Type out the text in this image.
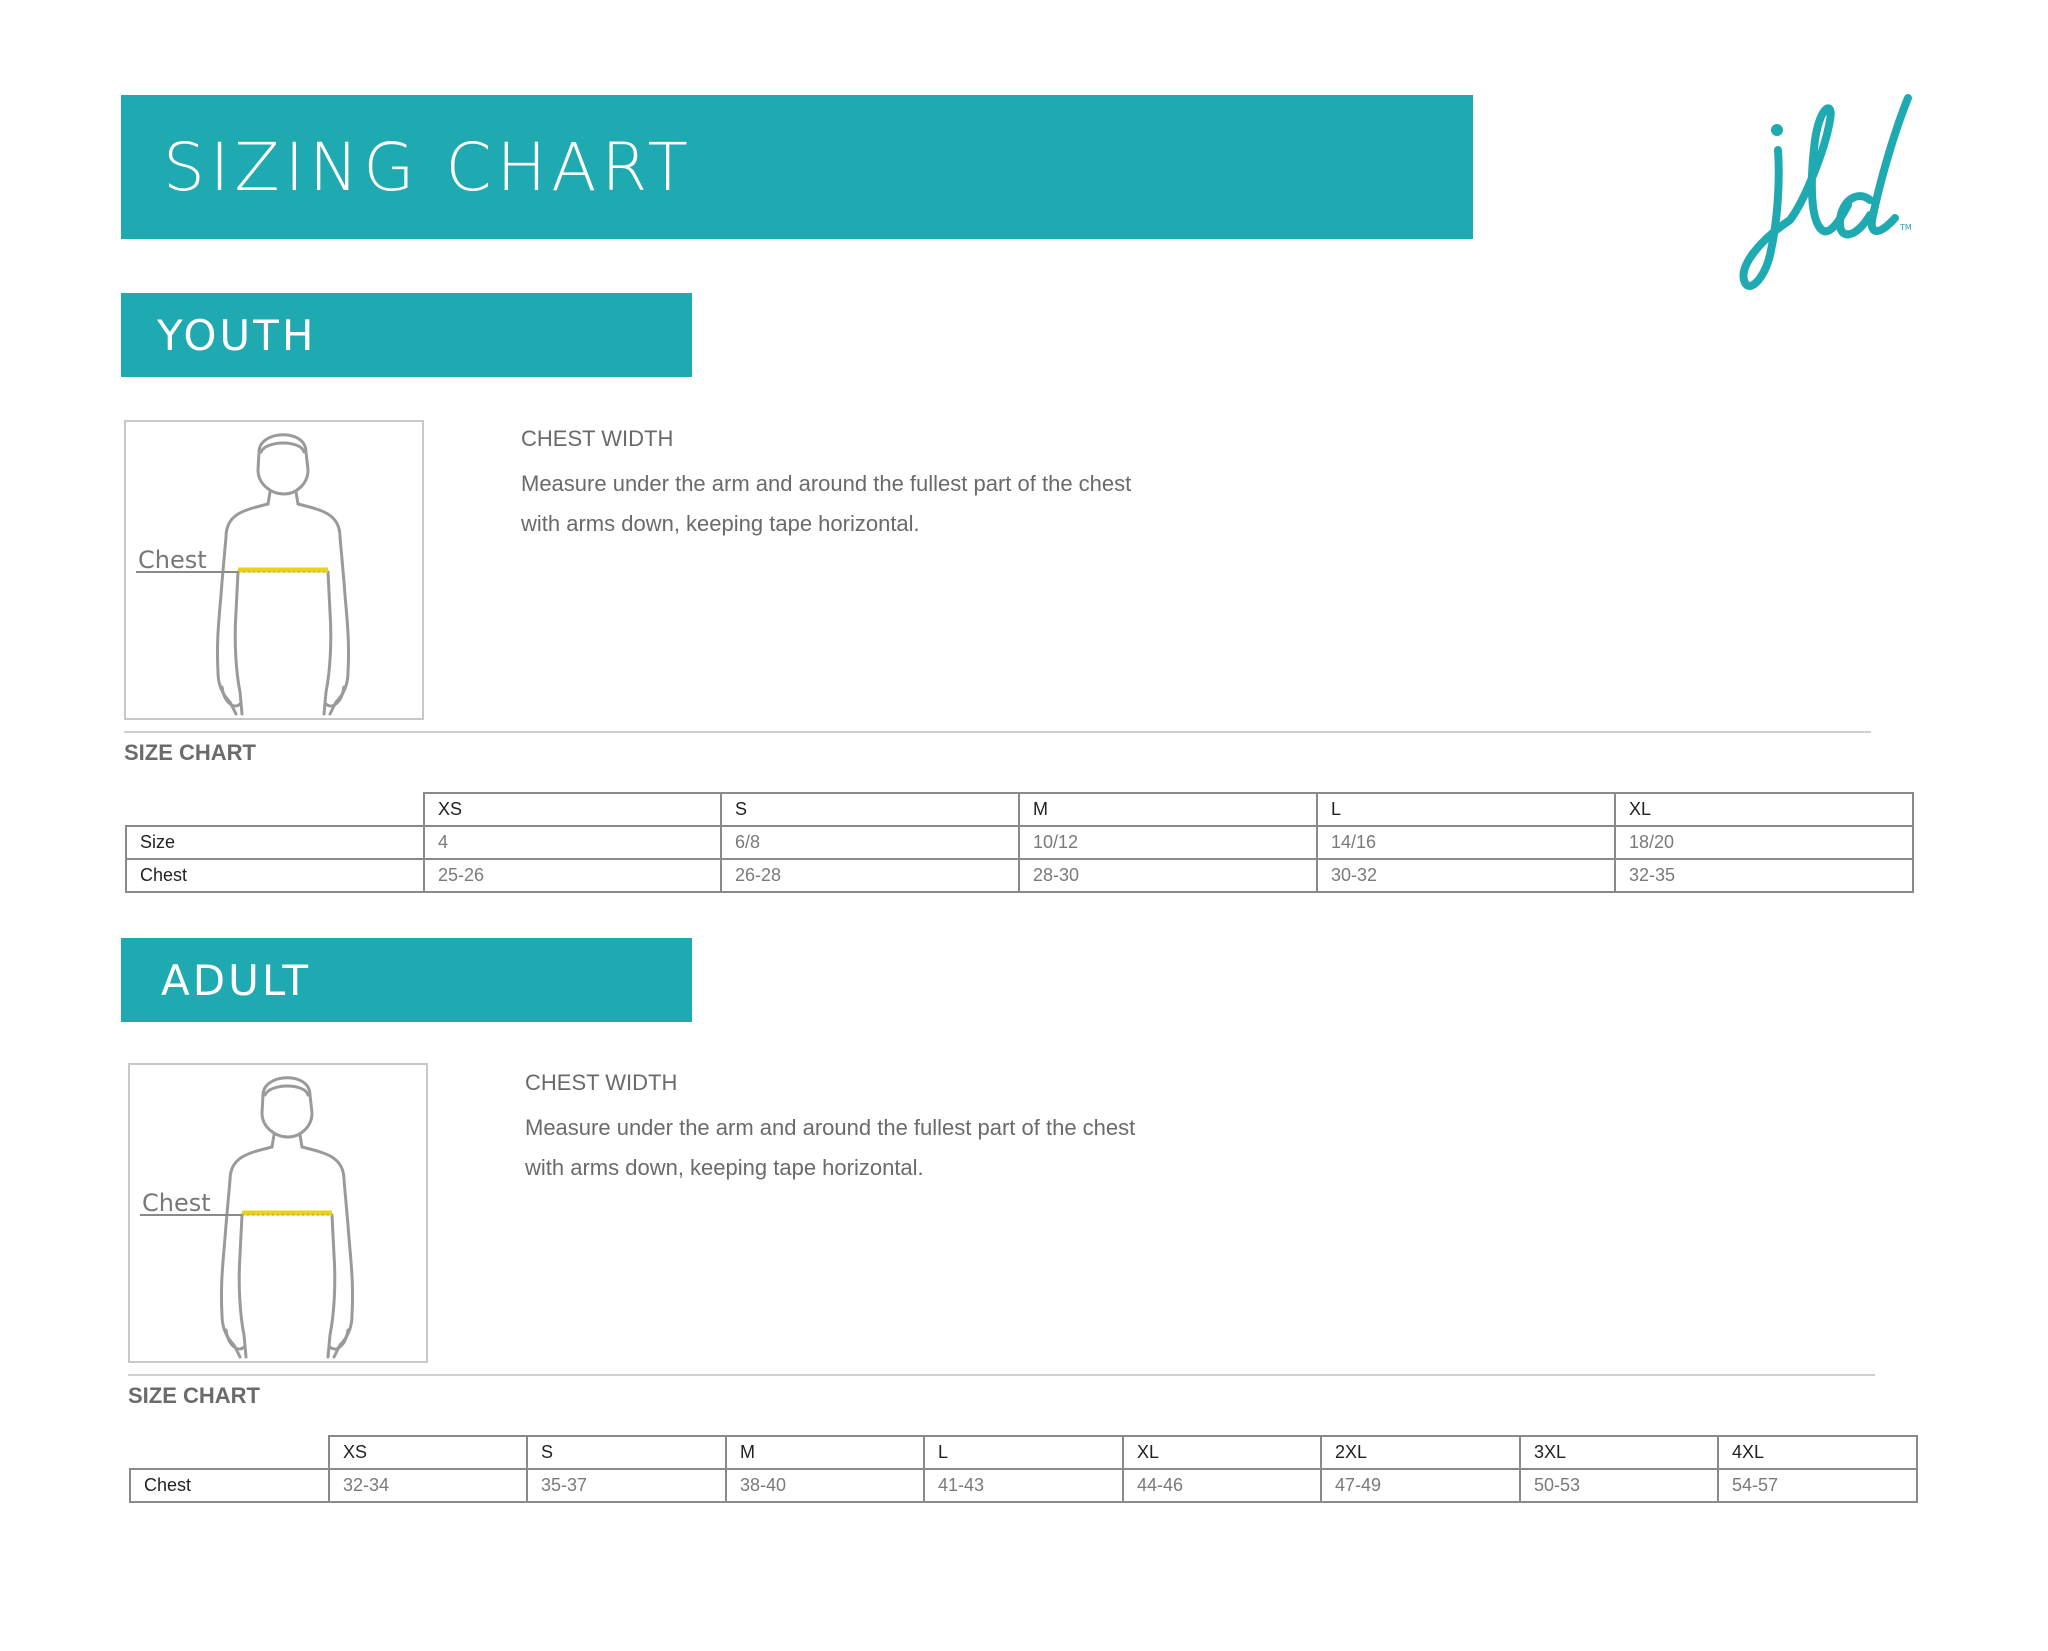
SIZING CHART
TM
YOUTH
Chest
CHEST WIDTH
Measure under the arm and around the fullest part of the chest
with arms down, keeping tape horizontal.
SIZE CHART
	XS	S	M	L	XL
Size	4	6/8	10/12	14/16	18/20
Chest	25-26	26-28	28-30	30-32	32-35
ADULT
Chest
CHEST WIDTH
Measure under the arm and around the fullest part of the chest
with arms down, keeping tape horizontal.
SIZE CHART
	XS	S	M	L	XL	2XL	3XL	4XL
Chest	32-34	35-37	38-40	41-43	44-46	47-49	50-53	54-57
